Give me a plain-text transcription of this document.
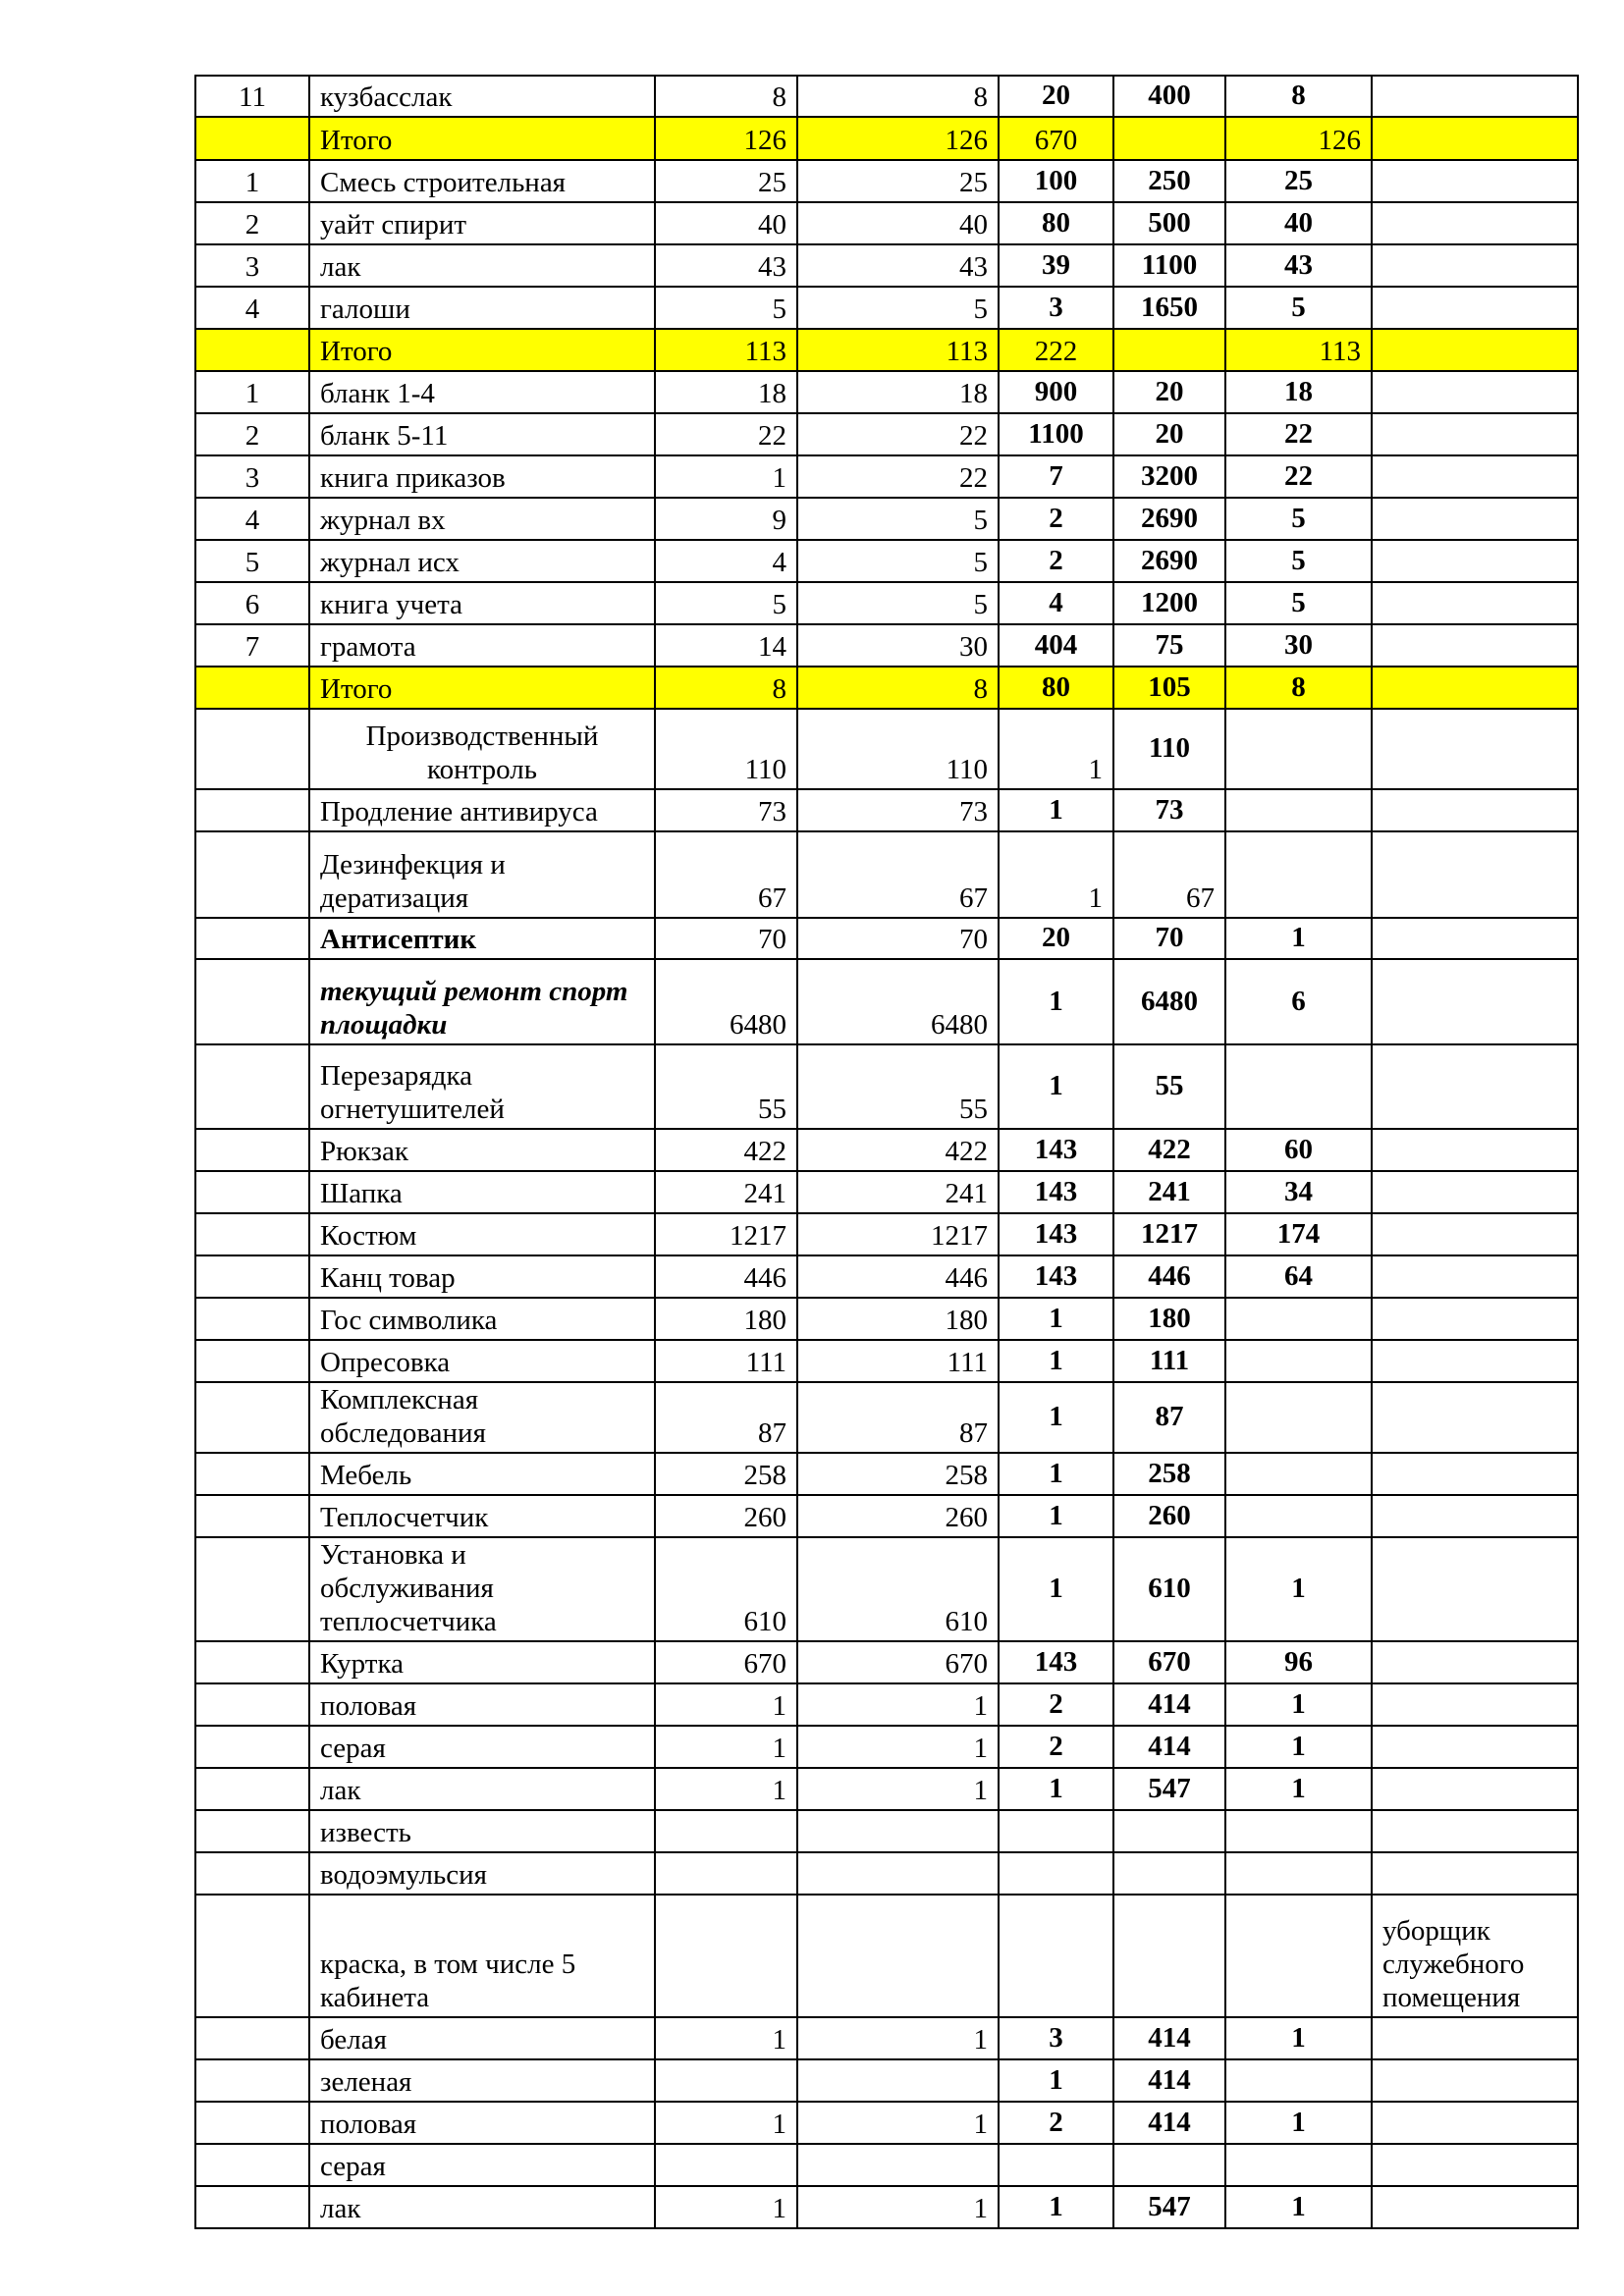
11	кузбасслак	8	8	20	400	8	
	Итого	126	126	670		126	
1	Смесь строительная	25	25	100	250	25	
2	уайт спирит	40	40	80	500	40	
3	лак	43	43	39	1100	43	
4	галоши	5	5	3	1650	5	
	Итого	113	113	222		113	
1	бланк 1-4	18	18	900	20	18	
2	бланк 5-11	22	22	1100	20	22	
3	книга приказов	1	22	7	3200	22	
4	журнал вх	9	5	2	2690	5	
5	журнал исх	4	5	2	2690	5	
6	книга учета	5	5	4	1200	5	
7	грамота	14	30	404	75	30	
	Итого	8	8	80	105	8	
	Производственный контроль	110	110	1	110		
	Продление антивируса	73	73	1	73		
	Дезинфекция и дератизация	67	67	1	67		
	Антисептик	70	70	20	70	1	
	текущий ремонт спорт площадки	6480	6480	1	6480	6	
	Перезарядка огнетушителей	55	55	1	55		
	Рюкзак	422	422	143	422	60	
	Шапка	241	241	143	241	34	
	Костюм	1217	1217	143	1217	174	
	Канц товар	446	446	143	446	64	
	Гос символика	180	180	1	180		
	Опресовка	111	111	1	111		
	Комплексная обследования	87	87	1	87		
	Мебель	258	258	1	258		
	Теплосчетчик	260	260	1	260		
	Установка и обслуживания теплосчетчика	610	610	1	610	1	
	Куртка	670	670	143	670	96	
	половая	1	1	2	414	1	
	серая	1	1	2	414	1	
	лак	1	1	1	547	1	
	известь						
	водоэмульсия						
	краска, в том числе 5 кабинета						уборщик служебного помещения
	белая	1	1	3	414	1	
	зеленая			1	414		
	половая	1	1	2	414	1	
	серая						
	лак	1	1	1	547	1	
